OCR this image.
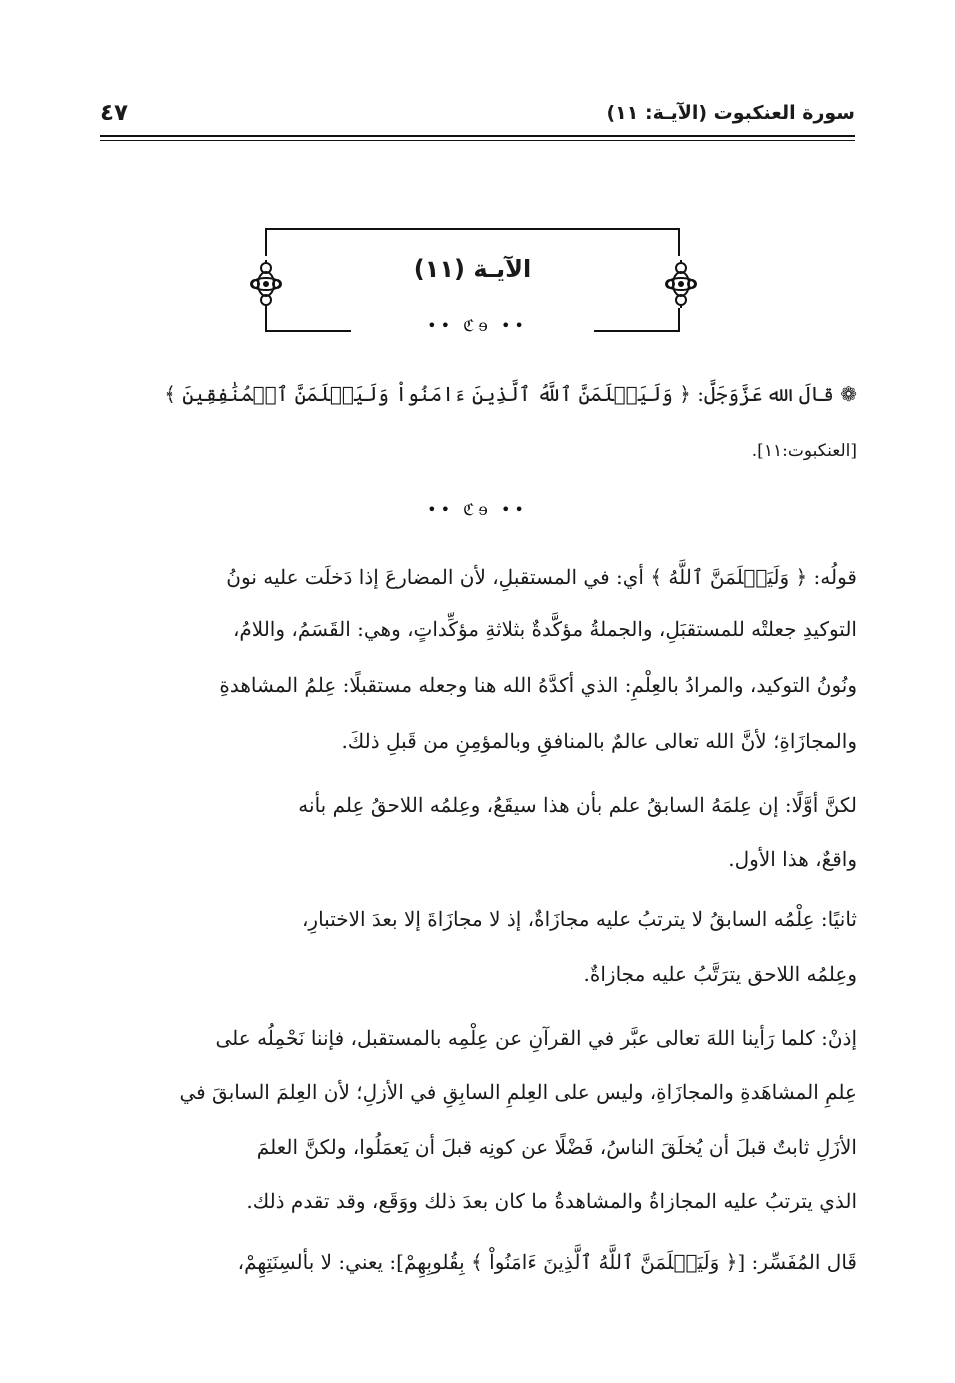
سورة العنكبوت (الآيـة: ١١)
٤٧
الآيـة (١١)
•• ℭɘ ••
❁ قالَ الله عَزَّوَجَلَّ: ﴿ وَلَيَعۡلَمَنَّ ٱللَّهُ ٱلَّذِينَ ءَامَنُواْ وَلَيَعۡلَمَنَّ ٱلۡمُنَٰفِقِينَ ﴾
[العنكبوت:١١].
•• ℭɘ ••
قولُه: ﴿ وَلَيَعۡلَمَنَّ ٱللَّهُ ﴾ أي: في المستقبلِ، لأن المضارعَ إذا دَخلَت عليه نونُ
التوكيدِ جعلتْه للمستقبَلِ، والجملةُ مؤكَّدةٌ بثلاثةِ مؤكِّداتٍ، وهي: القَسَمُ، واللامُ،
ونُونُ التوكيد، والمرادُ بالعِلْمِ: الذي أكدَّهُ الله هنا وجعله مستقبلًا: عِلمُ المشاهدةِ
والمجازَاةِ؛ لأنَّ الله تعالى عالمٌ بالمنافقِ وبالمؤمِنِ من قَبلِ ذلكَ.
لكنَّ أوَّلًا: إن عِلمَهُ السابقُ علم بأن هذا سيقَعُ، وعِلمُه اللاحقُ عِلم بأنه
واقعٌ، هذا الأول.
ثانيًا: عِلْمُه السابقُ لا يترتبُ عليه مجازَاةٌ، إذ لا مجازَاةَ إلا بعدَ الاختبارِ،
وعِلمُه اللاحق يترَتَّبُ عليه مجازاةٌ.
إذنْ: كلما رَأينا اللهَ تعالى عبَّر في القرآنِ عن عِلْمِه بالمستقبل، فإننا نَحْمِلُه على
عِلمِ المشاهَدةِ والمجازَاةِ، وليس على العِلمِ السابِقِ في الأزلِ؛ لأن العِلمَ السابقَ في
الأزَلِ ثابتٌ قبلَ أن يُخلَقَ الناسُ، فَضْلًا عن كونِه قبلَ أن يَعمَلُوا، ولكنَّ العلمَ
الذي يترتبُ عليه المجازاةُ والمشاهدةُ ما كان بعدَ ذلك ووَقَع، وقد تقدم ذلك.
قَال المُفَسِّر: [﴿ وَلَيَعۡلَمَنَّ ٱللَّهُ ٱلَّذِينَ ءَامَنُواْ ﴾ بِقُلوبِهِمْ]: يعني: لا بألسِنَتِهِمْ،
